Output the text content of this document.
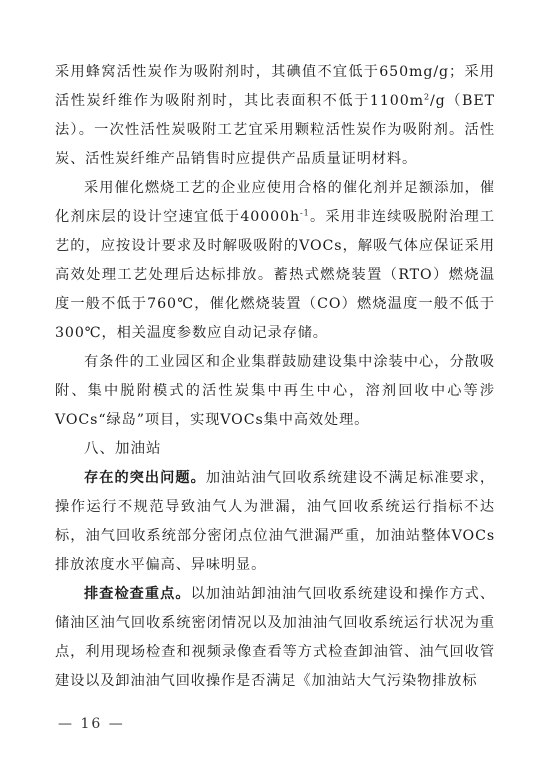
采用蜂窝活性炭作为吸附剂时，其碘值不宜低于650mg/g；采用活性炭纤维作为吸附剂时，其比表面积不低于$1100m^2/g(BET$法）。一次性活性炭吸附工艺宜采用颗粒活性炭作为吸附剂。活性炭、活性炭纤维产品销售时应提供产品质量证明材料。

采用催化燃烧工艺的企业应使用合格的催化剂并足额添加，催化剂床层的设计空速宜低于$40000h^{-1}$。采用非连续吸脱附治理工艺的，应按设计要求及时解吸吸附的VOCs，解吸气体应保证采用高效处理工艺处理后达标排放。蓄热式燃烧装置（RTO）燃烧温度一般不低于760℃，催化燃烧装置（CO）燃烧温度一般不低于300℃，相关温度参数应自动记录存储。

有条件的工业园区和企业集群鼓励建设集中涂装中心，分散吸附、集中脱附模式的活性炭集中再生中心，溶剂回收中心等涉VOCs“绿岛”项目，实现VOCs集中高效处理。

八、加油站

存在的突出问题。加油站油气回收系统建设不满足标准要求，操作运行不规范导致油气人为泄漏，油气回收系统运行指标不达标，油气回收系统部分密闭点位油气泄漏严重，加油站整体VOCs排放浓度水平偏高、异味明显。

排查检查重点。以加油站卸油油气回收系统建设和操作方式、储油区油气回收系统密闭情况以及加油油气回收系统运行状况为重点，利用现场检查和视频录像查看等方式检查卸油管、油气回收管建设以及卸油油气回收操作是否满足《加油站大气污染物排放标

— 16 —
